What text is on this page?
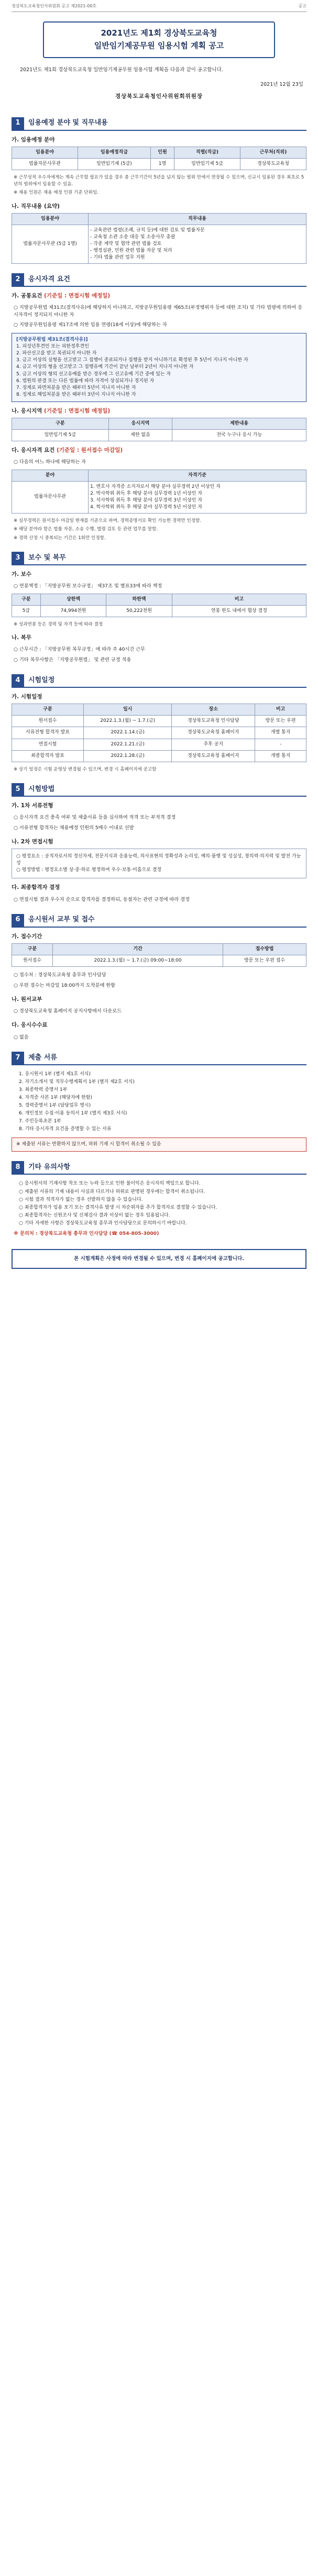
경상북도교육청인사위원회 공고 제2021-00호	공고
2021년도 제1회 경상북도교육청
일반임기제공무원 임용시험 계획 공고
2021년도 제1회 경상북도교육청 일반임기제공무원 임용시험 계획을 다음과 같이 공고합니다.
2021년 12월 23일
경상북도교육청인사위원회위원장
1	임용예정 분야 및 직무내용
가. 임용예정 분야
임용분야	임용예정직급	인원	직렬(직급)	근무처(직위)
법률자문사무관	일반임기제 (5급)	1명	일반임기제 5급	경상북도교육청
※ 근무성적 우수자에게는 계속 근무할 필요가 있을 경우 총 근무기간이 5년을 넘지 않는 범위 안에서 연장될 수 있으며, 신규시 임용된 경우 최초로 5년의 범위에서 임용할 수 있음.
※ 채용 인원은 채용 예정 인원 기준 단위임.
나. 직무내용 (요약)
임용분야	직무내용
법률자문사무관 (5급 1명)	- 교육관련 법령(조례, 규칙 등)에 대한 검토 및 법률자문
- 교육청 소관 소송 대응 및 소송사무 총괄
- 각종 계약 및 협약 관련 법률 검토
- 행정심판, 민원 관련 법률 자문 및 처리
- 기타 법률 관련 업무 지원
2	응시자격 요건
가. 공통요건 (기준일 : 면접시험 예정일)
○ 지방공무원법 제31조(결격사유)에 해당하지 아니하고, 지방공무원임용령 제65조(부정행위자 등에 대한 조치) 및 기타 법령에 의하여 응시자격이 정지되지 아니한 자
○ 지방공무원임용령 제17조에 의한 임용 연령(18세 이상)에 해당하는 자
[지방공무원법 제31조(결격사유)]
1. 피성년후견인 또는 피한정후견인
2. 파산선고를 받고 복권되지 아니한 자
3. 금고 이상의 실형을 선고받고 그 집행이 종료되거나 집행을 받지 아니하기로 확정된 후 5년이 지나지 아니한 자
4. 금고 이상의 형을 선고받고 그 집행유예 기간이 끝난 날부터 2년이 지나지 아니한 자
5. 금고 이상의 형의 선고유예를 받은 경우에 그 선고유예 기간 중에 있는 자
6. 법원의 판결 또는 다른 법률에 따라 자격이 상실되거나 정지된 자
7. 징계로 파면처분을 받은 때부터 5년이 지나지 아니한 자
8. 징계로 해임처분을 받은 때부터 3년이 지나지 아니한 자
나. 응시지역 (기준일 : 면접시험 예정일)
구분	응시지역	제한내용
일반임기제 5급	제한 없음	전국 누구나 응시 가능
다. 응시자격 요건 (기준일 : 원서접수 마감일)
○ 다음의 어느 하나에 해당하는 자
분야	자격기준
법률자문사무관	1. 변호사 자격증 소지자로서 해당 분야 실무경력 2년 이상인 자
2. 박사학위 취득 후 해당 분야 실무경력 1년 이상인 자
3. 석사학위 취득 후 해당 분야 실무경력 3년 이상인 자
4. 학사학위 취득 후 해당 분야 실무경력 5년 이상인 자
※ 실무경력은 원서접수 마감일 현재를 기준으로 하며, 경력증명서로 확인 가능한 경력만 인정함.
※ 해당 분야라 함은 법률 자문, 소송 수행, 법령 검토 등 관련 업무를 말함.
※ 경력 산정 시 중복되는 기간은 1회만 인정함.
3	보수 및 복무
가. 보수
○ 연봉책정 : 「지방공무원 보수규정」 제37조 및 별표33에 따라 책정
구분	상한액	하한액	비고
5급	74,994천원	50,222천원	연봉 한도 내에서 협상 결정
※ 성과연봉 등은 경력 및 자격 등에 따라 결정
나. 복무
○ 근무시간 : 「지방공무원 복무규정」에 따라 주 40시간 근무
○ 기타 복무사항은 「지방공무원법」 및 관련 규정 적용
4	시험일정
가. 시험일정
구분	일시	장소	비고
원서접수	2022.1.3.(월) ~ 1.7.(금)	경상북도교육청 인사담당	방문 또는 우편
서류전형 합격자 발표	2022.1.14.(금)	경상북도교육청 홈페이지	개별 통지
면접시험	2022.1.21.(금)	추후 공지	-
최종합격자 발표	2022.1.28.(금)	경상북도교육청 홈페이지	개별 통지
※ 상기 일정은 시험 운영상 변경될 수 있으며, 변경 시 홈페이지에 공고함
5	시험방법
가. 1차 서류전형
○ 응시자격 요건 충족 여부 및 제출서류 등을 심사하여 적격 또는 부적격 결정
○ 서류전형 합격자는 채용예정 인원의 5배수 이내로 선발
나. 2차 면접시험
○ 평정요소 : 공직자로서의 정신자세, 전문지식과 응용능력, 의사표현의 정확성과 논리성, 예의·품행 및 성실성, 창의력·의지력 및 발전 가능성
○ 평정방법 : 평정요소별 상·중·하로 평정하여 우수·보통·미흡으로 결정
다. 최종합격자 결정
○ 면접시험 결과 우수자 순으로 합격자를 결정하되, 동점자는 관련 규정에 따라 결정
6	응시원서 교부 및 접수
가. 접수기간
구분	기간	접수방법
원서접수	2022.1.3.(월) ~ 1.7.(금) 09:00~18:00	방문 또는 우편 접수
○ 접수처 : 경상북도교육청 총무과 인사담당
○ 우편 접수는 마감일 18:00까지 도착분에 한함
나. 원서교부
○ 경상북도교육청 홈페이지 공지사항에서 다운로드
다. 응시수수료
○ 없음
7	제출 서류
1. 응시원서 1부 (별지 제1호 서식)
2. 자기소개서 및 직무수행계획서 1부 (별지 제2호 서식)
3. 최종학력 증명서 1부
4. 자격증 사본 1부 (해당자에 한함)
5. 경력증명서 1부 (담당업무 명시)
6. 개인정보 수집·이용 동의서 1부 (별지 제3호 서식)
7. 주민등록초본 1부
8. 기타 응시자격 요건을 증명할 수 있는 서류
※ 제출된 서류는 반환하지 않으며, 허위 기재 시 합격이 취소될 수 있음
8	기타 유의사항
○ 응시원서의 기재사항 착오 또는 누락 등으로 인한 불이익은 응시자의 책임으로 합니다.
○ 제출된 서류의 기재 내용이 사실과 다르거나 허위로 판명된 경우에는 합격이 취소됩니다.
○ 시험 결과 적격자가 없는 경우 선발하지 않을 수 있습니다.
○ 최종합격자가 임용 포기 또는 결격사유 발생 시 차순위자를 추가 합격자로 결정할 수 있습니다.
○ 최종합격자는 신원조사 및 신체검사 결과 이상이 없는 경우 임용됩니다.
○ 기타 자세한 사항은 경상북도교육청 총무과 인사담당으로 문의하시기 바랍니다.
※ 문의처 : 경상북도교육청 총무과 인사담당 (☎ 054-805-3000)
본 시험계획은 사정에 따라 변경될 수 있으며, 변경 시 홈페이지에 공고합니다.
